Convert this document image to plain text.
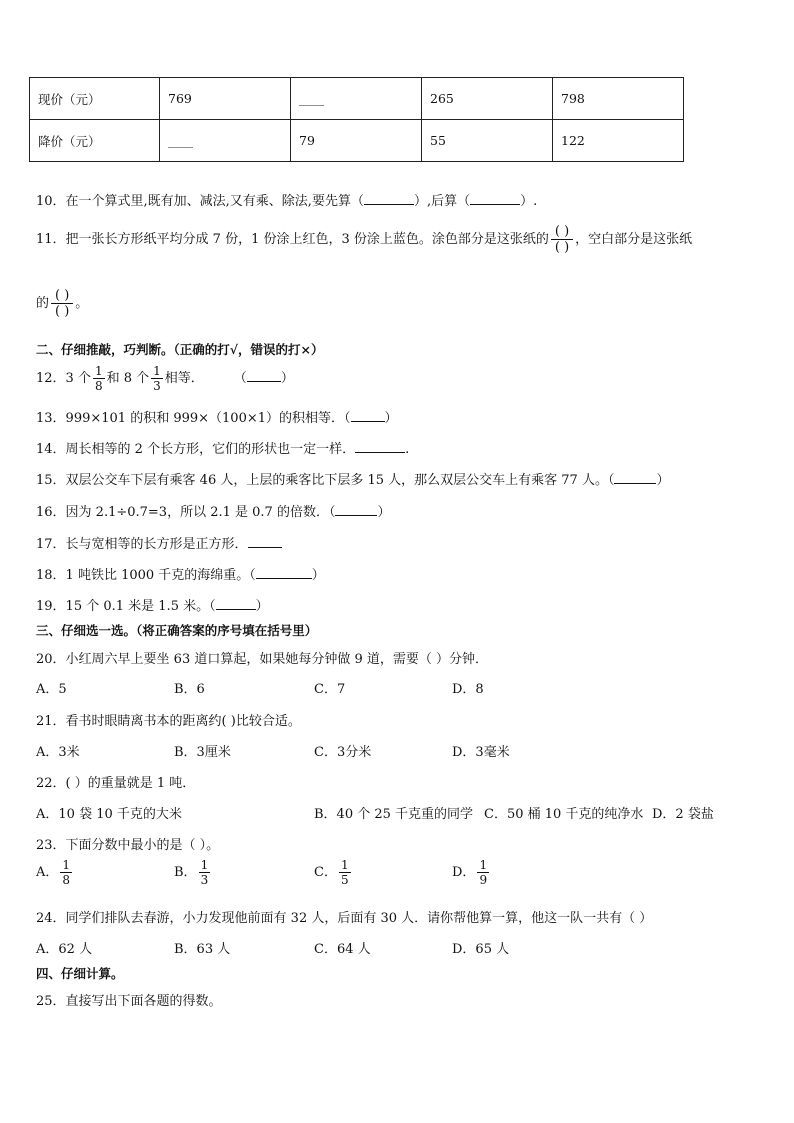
现价（元）	769	____	265	798
降价（元）	____	79	55	122
10．在一个算式里,既有加、减法,又有乘、除法,要先算（	）,后算（	）.
11．把一张长方形纸平均分成 7 份，1 份涂上红色，3 份涂上蓝色。涂色部分是这张纸的
( )
( )
，空白部分是这张纸
的
( )
( )
。
二、仔细推敲，巧判断。（正确的打√，错误的打×）
12．3 个 $\frac{1}{8}$ 和 8 个 $\frac{1}{3}$ 相等． （	）
13．999×101 的积和 999×（100×1）的积相等．（	）
14．周长相等的 2 个长方形，它们的形状也一定一样．	.
15．双层公交车下层有乘客 46 人，上层的乘客比下层多 15 人，那么双层公交车上有乘客 77 人。（	）
16．因为 2.1÷0.7=3，所以 2.1 是 0.7 的倍数．（	）
17．长与宽相等的长方形是正方形．
18．1 吨铁比 1000 千克的海绵重。（	）
19．15 个 0.1 米是 1.5 米。（	）
三、仔细选一选。（将正确答案的序号填在括号里）
20．小红周六早上要坐 63 道口算起，如果她每分钟做 9 道，需要（ ）分钟．
A．5	B．6	C．7	D．8
21．看书时眼睛离书本的距离约( )比较合适。
A．3米	B．3厘米	C．3分米	D．3毫米
22．( ）的重量就是 1 吨．
A．10 袋 10 千克的大米	B．40 个 25 千克重的同学 C．50 桶 10 千克的纯净水 D．2 袋盐
23．下面分数中最小的是（ ）。
A． $\frac{1}{8}$	B． $\frac{1}{3}$	C． $\frac{1}{5}$	D． $\frac{1}{9}$
24．同学们排队去春游，小力发现他前面有 32 人，后面有 30 人．请你帮他算一算，他这一队一共有（ ）
A．62 人	B．63 人	C．64 人	D．65 人
四、仔细计算。
25．直接写出下面各题的得数。
